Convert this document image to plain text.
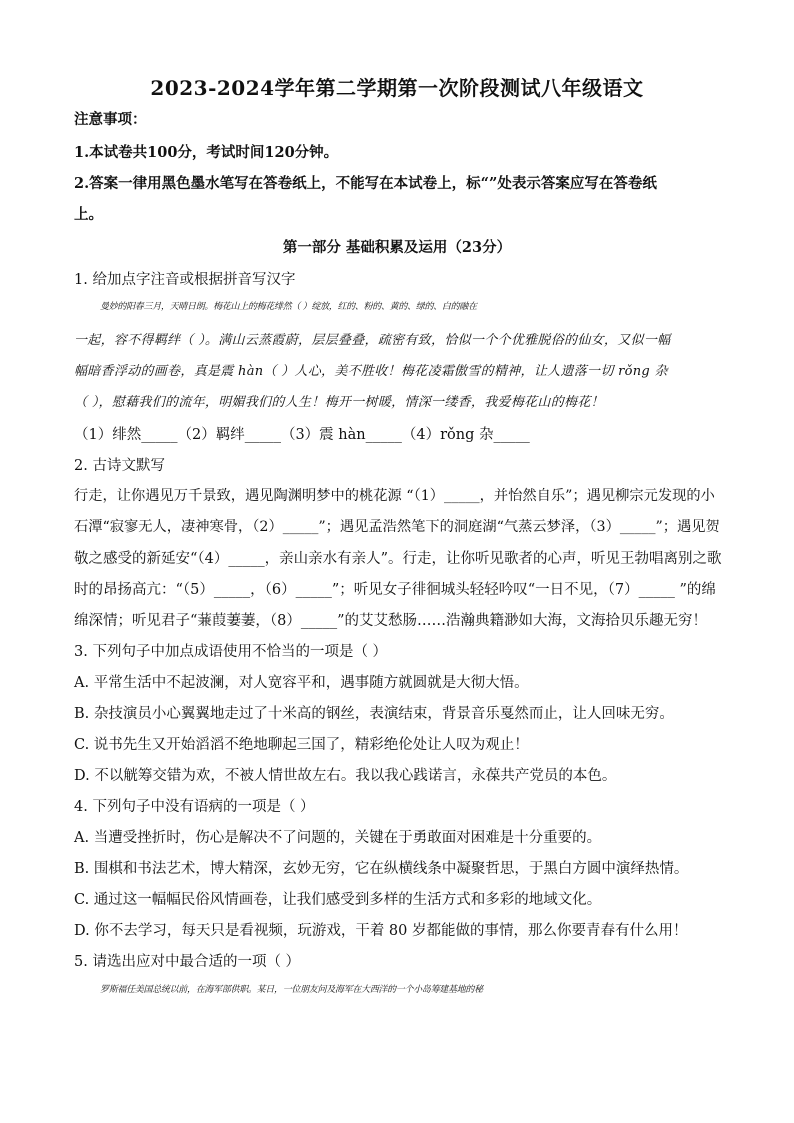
2023-2024学年第二学期第一次阶段测试八年级语文
注意事项：
1.本试卷共100分，考试时间120分钟。
2.答案一律用黑色墨水笔写在答卷纸上，不能写在本试卷上，标“”处表示答案应写在答卷纸
上。
第一部分 基础积累及运用（23分）
1. 给加点字注音或根据拼音写汉字
曼妙的阳春三月，天晴日朗。梅花山上的梅花绯然（ ）绽放，红的、粉的、黄的、绿的、白的融在
一起，容不得羁绊（ ）。满山云蒸霞蔚，层层叠叠，疏密有致，恰似一个个优雅脱俗的仙女，又似一幅
幅暗香浮动的画卷，真是震 hàn（ ）人心，美不胜收！梅花凌霜傲雪的精神，让人遗落一切 rǒng 杂
（ ），慰藉我们的流年，明媚我们的人生！梅开一树暖，情深一缕香，我爱梅花山的梅花！
（1）绯然_____（2）羁绊_____（3）震 hàn_____（4）rǒng 杂_____
2. 古诗文默写
行走，让你遇见万千景致，遇见陶渊明梦中的桃花源 “（1）_____，并怡然自乐”；遇见柳宗元发现的小
石潭“寂寥无人，凄神寒骨，（2）_____”；遇见孟浩然笔下的洞庭湖“气蒸云梦泽，（3）_____”；遇见贺
敬之感受的新延安“（4）_____，亲山亲水有亲人”。行走，让你听见歌者的心声，听见王勃唱离别之歌
时的昂扬高亢：“（5）_____，（6）_____”；听见女子徘徊城头轻轻吟叹“一日不见，（7）_____ ”的绵
绵深情；听见君子“蒹葭萋萋，（8）_____”的艾艾愁肠……浩瀚典籍渺如大海，文海拾贝乐趣无穷！
3. 下列句子中加点成语使用不恰当的一项是（ ）
A. 平常生活中不起波澜，对人宽容平和，遇事随方就圆就是大彻大悟。
B. 杂技演员小心翼翼地走过了十米高的钢丝，表演结束，背景音乐戛然而止，让人回味无穷。
C. 说书先生又开始滔滔不绝地聊起三国了，精彩绝伦处让人叹为观止！
D. 不以觥筹交错为欢，不被人情世故左右。我以我心践诺言，永葆共产党员的本色。
4. 下列句子中没有语病的一项是（ ）
A. 当遭受挫折时，伤心是解决不了问题的，关键在于勇敢面对困难是十分重要的。
B. 围棋和书法艺术，博大精深，玄妙无穷，它在纵横线条中凝聚哲思，于黑白方圆中演绎热情。
C. 通过这一幅幅民俗风情画卷，让我们感受到多样的生活方式和多彩的地域文化。
D. 你不去学习，每天只是看视频，玩游戏，干着 80 岁都能做的事情，那么你要青春有什么用！
5. 请选出应对中最合适的一项（ ）
罗斯福任美国总统以前，在海军部供职。某日，一位朋友问及海军在大西洋的一个小岛筹建基地的秘
